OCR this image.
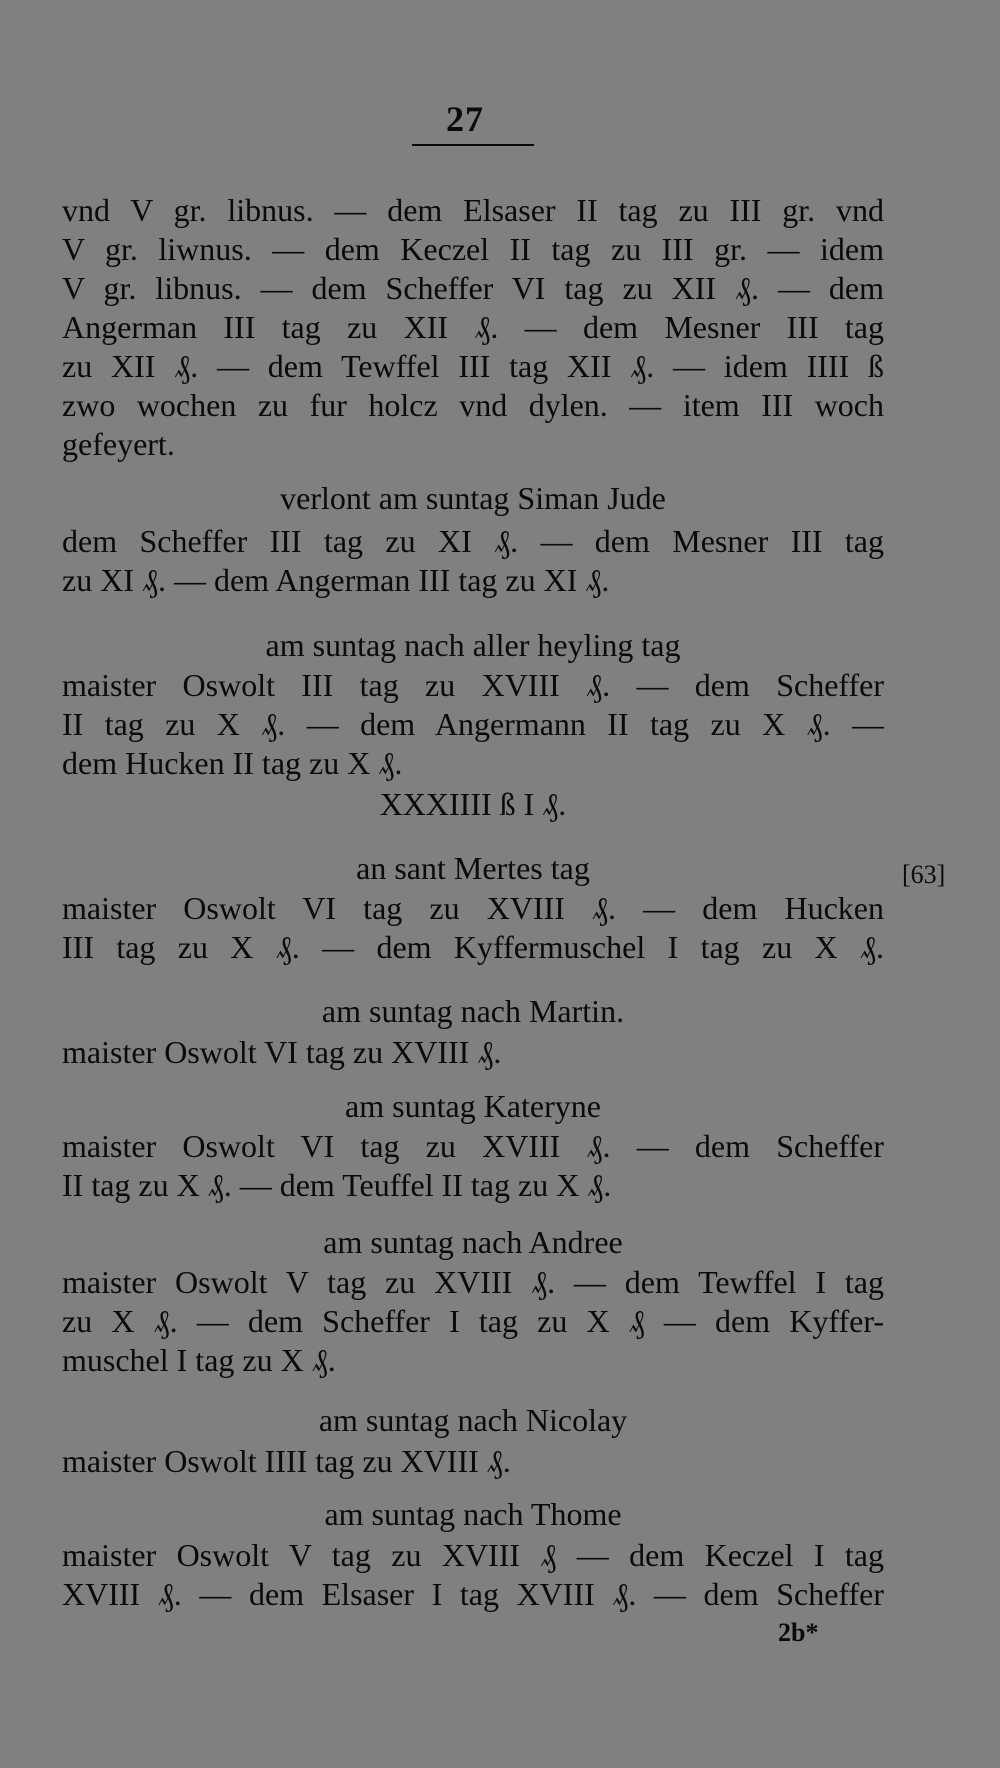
27
vnd V gr. libnus. — dem Elsaser II tag zu III gr. vnd
V gr. liwnus. — dem Keczel II tag zu III gr. — idem
V gr. libnus. — dem Scheffer VI tag zu XII ₰. — dem
Angerman III tag zu XII ₰. — dem Mesner III tag
zu XII ₰. — dem Tewffel III tag XII ₰. — idem IIII ß
zwo wochen zu fur holcz vnd dylen. — item III woch
gefeyert.
verlont am suntag Siman Jude
dem Scheffer III tag zu XI ₰. — dem Mesner III tag
zu XI ₰. — dem Angerman III tag zu XI ₰.
am suntag nach aller heyling tag
maister Oswolt III tag zu XVIII ₰. — dem Scheffer
II tag zu X ₰. — dem Angermann II tag zu X ₰. —
dem Hucken II tag zu X ₰.
XXXIIII ß I ₰.
an sant Mertes tag
maister Oswolt VI tag zu XVIII ₰. — dem Hucken
III tag zu X ₰. — dem Kyffermuschel I tag zu X ₰.
am suntag nach Martin.
maister Oswolt VI tag zu XVIII ₰.
am suntag Kateryne
maister Oswolt VI tag zu XVIII ₰. — dem Scheffer
II tag zu X ₰. — dem Teuffel II tag zu X ₰.
am suntag nach Andree
maister Oswolt V tag zu XVIII ₰. — dem Tewffel I tag
zu X ₰. — dem Scheffer I tag zu X ₰ — dem Kyffer-
muschel I tag zu X ₰.
am suntag nach Nicolay
maister Oswolt IIII tag zu XVIII ₰.
am suntag nach Thome
maister Oswolt V tag zu XVIII ₰ — dem Keczel I tag
XVIII ₰. — dem Elsaser I tag XVIII ₰. — dem Scheffer
[63]
2b*
